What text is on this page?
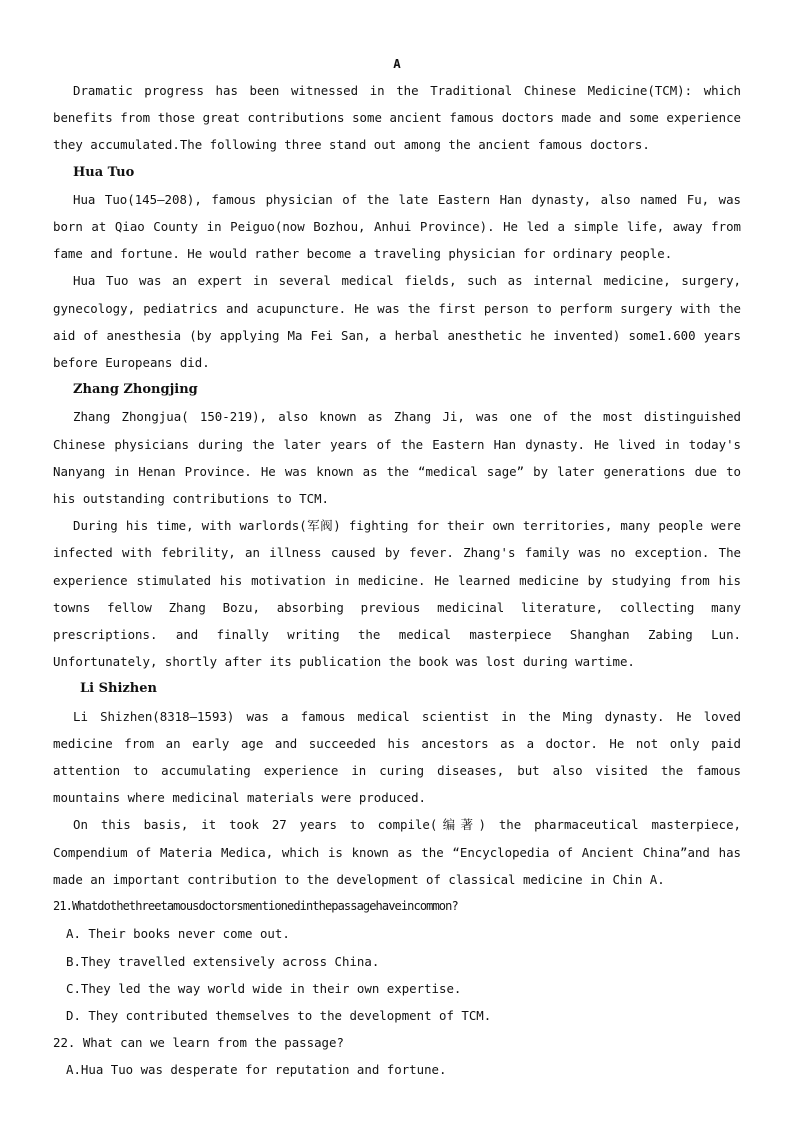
A

Dramatic progress has been witnessed in the Traditional Chinese Medicine(TCM): which benefits from those great contributions some ancient famous doctors made and some experience they accumulated.The following three stand out among the ancient famous doctors.

Hua Tuo

Hua Tuo(145—208), famous physician of the late Eastern Han dynasty, also named Fu, was born at Qiao County in Peiguo(now Bozhou, Anhui Province). He led a simple life, away from fame and fortune. He would rather become a traveling physician for ordinary people.

Hua Tuo was an expert in several medical fields, such as internal medicine, surgery, gynecology, pediatrics and acupuncture. He was the first person to perform surgery with the aid of anesthesia (by applying Ma Fei San, a herbal anesthetic he invented) some1.600 years before Europeans did.

Zhang Zhongjing

Zhang Zhongjua( 150-219), also known as Zhang Ji, was one of the most distinguished Chinese physicians during the later years of the Eastern Han dynasty. He lived in today's Nanyang in Henan Province. He was known as the “medical sage” by later generations due to his outstanding contributions to TCM.

During his time, with warlords(军阀) fighting for their own territories, many people were infected with febrility, an illness caused by fever. Zhang's family was no exception. The experience stimulated his motivation in medicine. He learned medicine by studying from his towns fellow Zhang Bozu, absorbing previous medicinal literature, collecting many prescriptions. and finally writing the medical masterpiece Shanghan Zabing Lun. Unfortunately, shortly after its publication the book was lost during wartime.

Li Shizhen

Li Shizhen(8318—1593) was a famous medical scientist in the Ming dynasty. He loved medicine from an early age and succeeded his ancestors as a doctor. He not only paid attention to accumulating experience in curing diseases, but also visited the famous mountains where medicinal materials were produced.

On this basis, it took 27 years to compile(编著) the pharmaceutical masterpiece, Compendium of Materia Medica, which is known as the “Encyclopedia of Ancient China”and has made an important contribution to the development of classical medicine in Chin A.

21.Whatdothethreetamousdoctorsmentionedinthepassagehaveincommon?

A. Their books never come out.

B.They travelled extensively across China.

C.They led the way world wide in their own expertise.

D. They contributed themselves to the development of TCM.

22. What can we learn from the passage?

A.Hua Tuo was desperate for reputation and fortune.
